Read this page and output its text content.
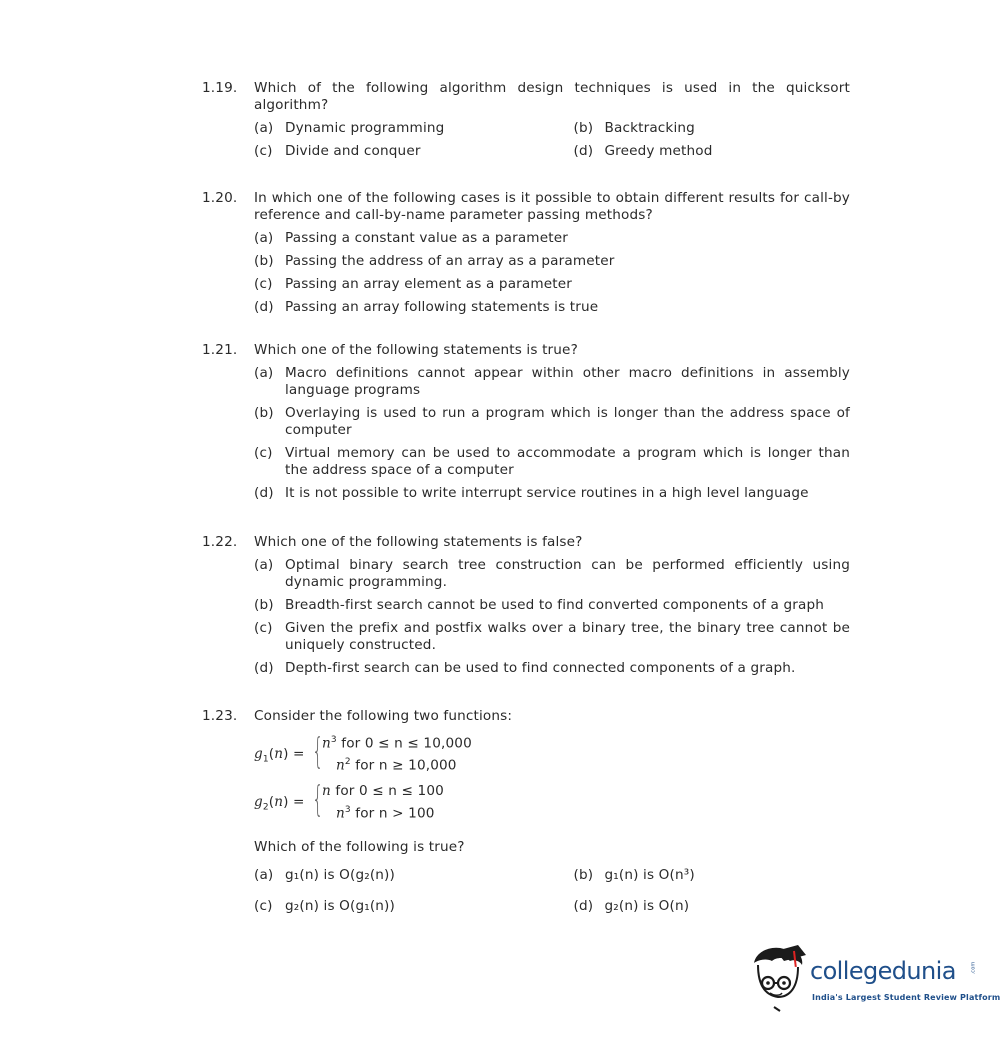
1.19.	Which of the following algorithm design techniques is used in the quicksort algorithm?
(a) Dynamic programming	(b) Backtracking
(c) Divide and conquer	(d) Greedy method
1.20.	In which one of the following cases is it possible to obtain different results for call-by reference and call-by-name parameter passing methods?
(a) Passing a constant value as a parameter
(b) Passing the address of an array as a parameter
(c) Passing an array element as a parameter
(d) Passing an array following statements is true
1.21.	Which one of the following statements is true?
(a) Macro definitions cannot appear within other macro definitions in assembly language programs
(b) Overlaying is used to run a program which is longer than the address space of computer
(c) Virtual memory can be used to accommodate a program which is longer than the address space of a computer
(d) It is not possible to write interrupt service routines in a high level language
1.22.	Which one of the following statements is false?
(a) Optimal binary search tree construction can be performed efficiently using dynamic programming.
(b) Breadth-first search cannot be used to find converted components of a graph
(c) Given the prefix and postfix walks over a binary tree, the binary tree cannot be uniquely constructed.
(d) Depth-first search can be used to find connected components of a graph.
1.23.	Consider the following two functions:
$g_1(n)$ = {
$n^3$ for 0 ≤ n ≤ 10,000
$n^2$ for n ≥ 10,000
$g_2(n)$ = {
n for 0 ≤ n ≤ 100
$n^3$ for n > 100
Which of the following is true?
(a) g₁(n) is O(g₂(n))	(b) g₁(n) is O(n³)
(c) g₂(n) is O(g₁(n))	(d) g₂(n) is O(n)
collegedunia	.com
India's Largest Student Review Platform
